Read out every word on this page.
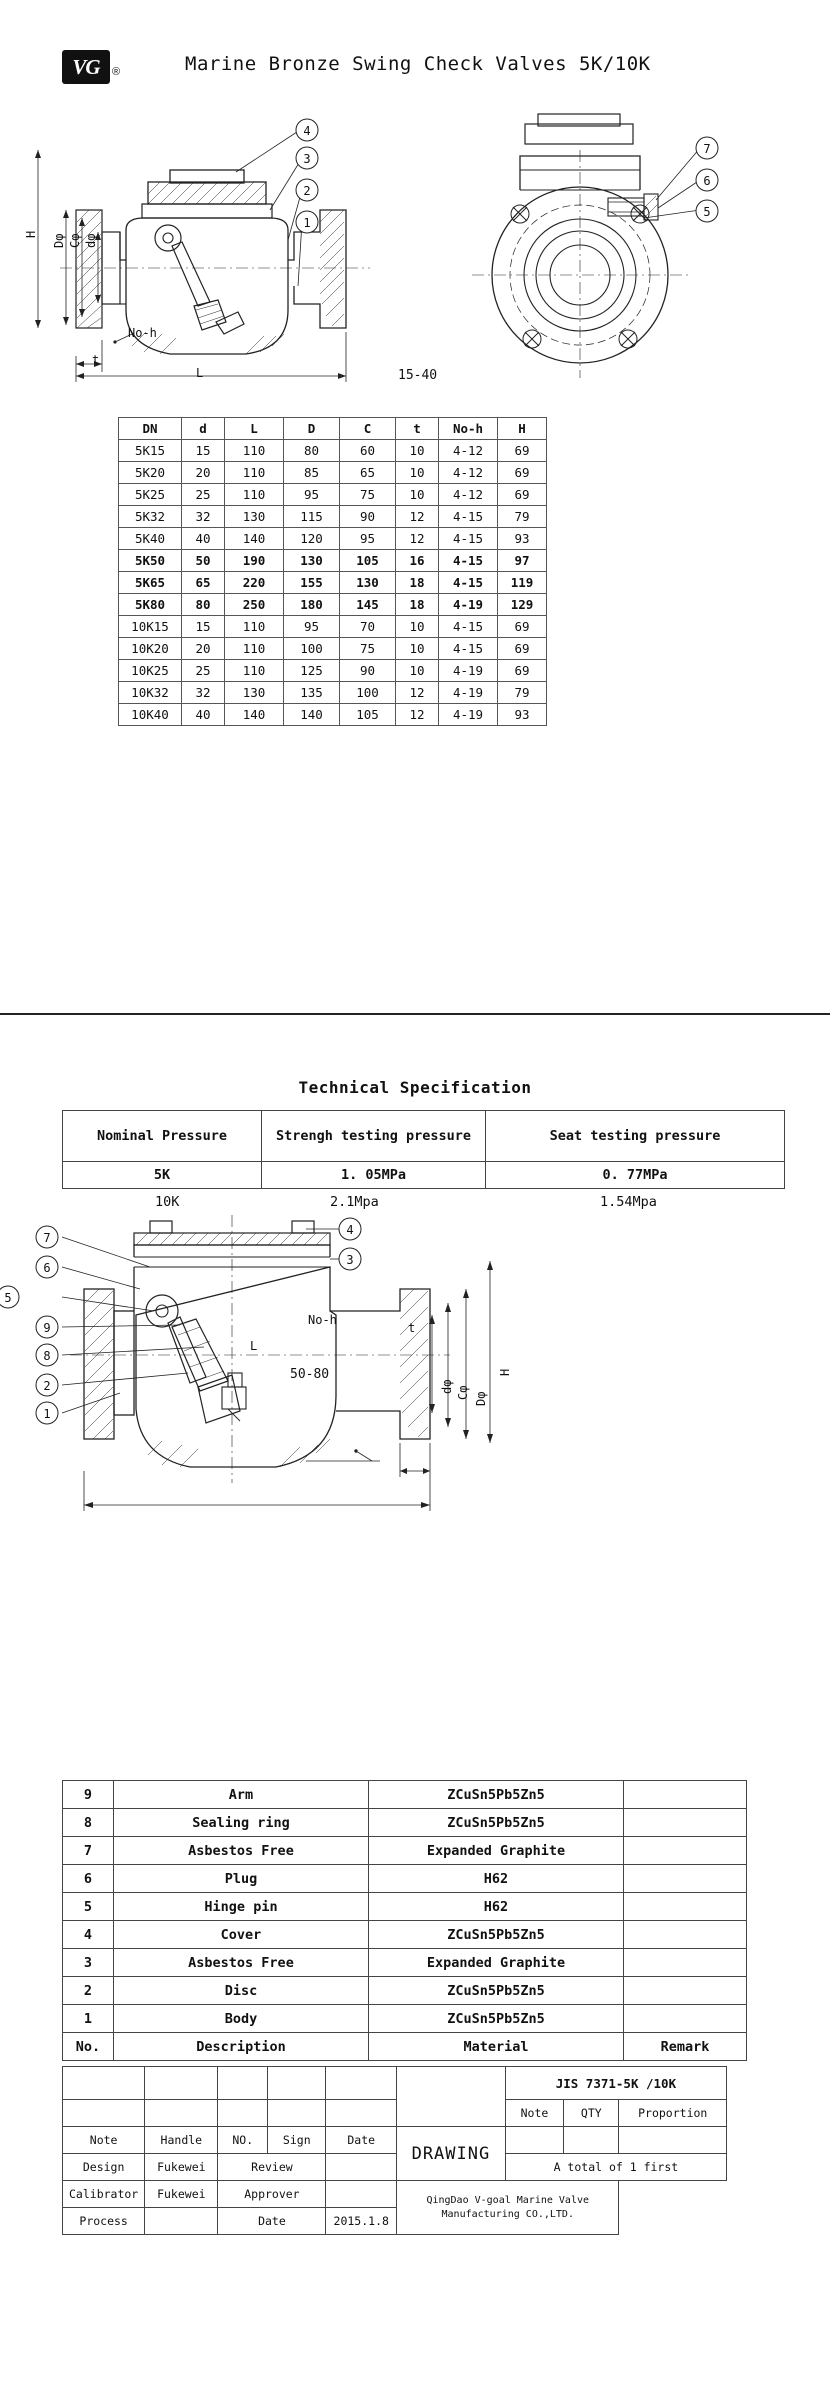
VG	®	Marine Bronze Swing Check Valves 5K/10K
4
3
2
1
7
6
5
H Dφ Cφ dφ
No-h
t
L	15-40
DN	d	L	D	C	t	No-h	H
5K15	15	110	80	60	10	4-12	69
5K20	20	110	85	65	10	4-12	69
5K25	25	110	95	75	10	4-12	69
5K32	32	130	115	90	12	4-15	79
5K40	40	140	120	95	12	4-15	93
5K50	50	190	130	105	16	4-15	97
5K65	65	220	155	130	18	4-15	119
5K80	80	250	180	145	18	4-19	129
10K15	15	110	95	70	10	4-15	69
10K20	20	110	100	75	10	4-15	69
10K25	25	110	125	90	10	4-19	69
10K32	32	130	135	100	12	4-19	79
10K40	40	140	140	105	12	4-19	93
Technical Specification
Nominal Pressure	Strengh testing pressure	Seat testing pressure
5K	1. 05MPa	0. 77MPa
10K	2.1Mpa	1.54Mpa
7
6
5
9
8
2
1
4
3
H
Dφ
Cφ
dφ
No-h
t
L
50-80
9	Arm	ZCuSn5Pb5Zn5	
8	Sealing ring	ZCuSn5Pb5Zn5	
7	Asbestos Free	Expanded Graphite	
6	Plug	H62	
5	Hinge pin	H62	
4	Cover	ZCuSn5Pb5Zn5	
3	Asbestos Free	Expanded Graphite	
2	Disc	ZCuSn5Pb5Zn5	
1	Body	ZCuSn5Pb5Zn5	
No.	Description	Material	Remark
						JIS 7371-5K /10K		
						Note	QTY	Proportion
Note	Handle	NO.	Sign	Date	DRAWING			
Design	Fukewei	Review				A total of 1 first		
Calibrator	Fukewei	Approver			QingDao V-goal Marine Valve
Manufacturing CO.,LTD.			

Process		Date		2015.1.8				
